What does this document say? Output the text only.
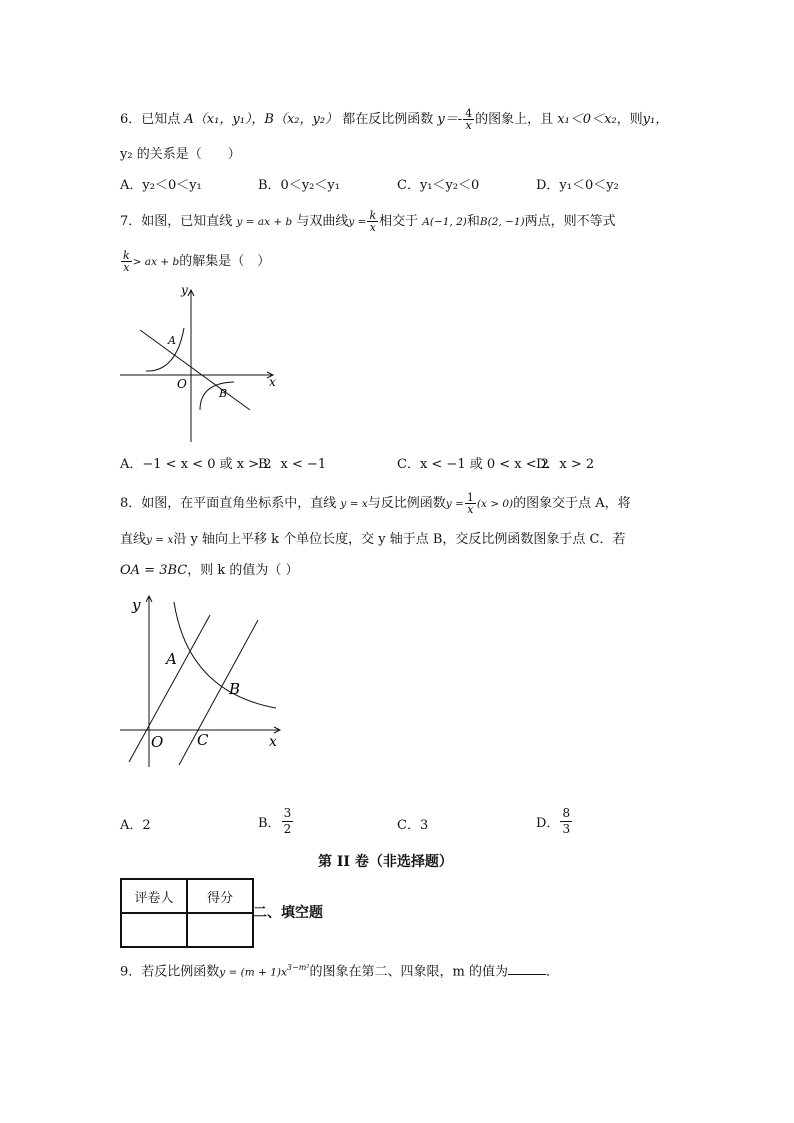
6．已知点 A（x₁，y₁），B（x₂，y₂） 都在反比例函数 $y=- \frac{4}{x}$ 的图象上，且 x₁＜0＜x₂，则y₁，
y₂ 的关系是（　　）
A．y₂＜0＜y₁	B．0＜y₂＜y₁	C．y₁＜y₂＜0	D．y₁＜0＜y₂
7．如图，已知直线 y = ax + b 与双曲线$y = \frac{k}{x}$ 相交于 A(−1, 2)和B(2, −1)两点，则不等式
$\frac{k}{x}$ > ax + b的解集是（　）
y
x
O
A
B
A．−1 < x < 0 或 x > 2
B．x < −1	C．x < −1 或 0 < x < 2
D．x > 2
8．如图，在平面直角坐标系中，直线 y = x与反比例函数$y = \frac{1}{x} (x > 0)$的图象交于点 A，将
直线y = x沿 y 轴向上平移 k 个单位长度，交 y 轴于点 B，交反比例函数图象于点 C．若
OA = 3BC，则 k 的值为（ ）
y
x
O
A
B
C
A．2	B． $\frac{3}{2}$	C．3	D． $\frac{8}{3}$
第 II 卷（非选择题）
评卷人	得分

二、填空题
9．若反比例函数$y = (m + 1)x^{3-m^2}$的图象在第二、四象限，m 的值为	．
